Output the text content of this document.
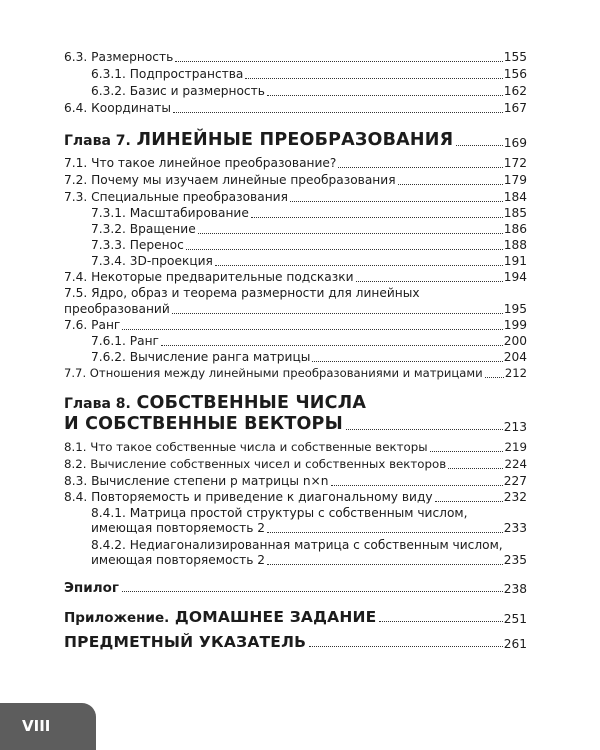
6.3. Размерность	155
6.3.1. Подпространства	156
6.3.2. Базис и размерность	162
6.4. Координаты	167
Глава 7. ЛИНЕЙНЫЕ ПРЕОБРАЗОВАНИЯ	169
7.1. Что такое линейное преобразование?	172
7.2. Почему мы изучаем линейные преобразования	179
7.3. Специальные преобразования	184
7.3.1. Масштабирование	185
7.3.2. Вращение	186
7.3.3. Перенос	188
7.3.4. 3D-проекция	191
7.4. Некоторые предварительные подсказки	194
7.5. Ядро, образ и теорема размерности для линейных
преобразований	195
7.6. Ранг	199
7.6.1. Ранг	200
7.6.2. Вычисление ранга матрицы	204
7.7. Отношения между линейными преобразованиями и матрицами 212
Глава 8. СОБСТВЕННЫЕ ЧИСЛА
И СОБСТВЕННЫЕ ВЕКТОРЫ	213
8.1. Что такое собственные числа и собственные векторы	219
8.2. Вычисление собственных чисел и собственных векторов	224
8.3. Вычисление степени p матрицы n×n	227
8.4. Повторяемость и приведение к диагональному виду	232
8.4.1. Матрица простой структуры с собственным числом,
имеющая повторяемость 2	233
8.4.2. Недиагонализированная матрица с собственным числом,
имеющая повторяемость 2	235
Эпилог	238
Приложение. ДОМАШНЕЕ ЗАДАНИЕ	251
ПРЕДМЕТНЫЙ УКАЗАТЕЛЬ	261
VIII
